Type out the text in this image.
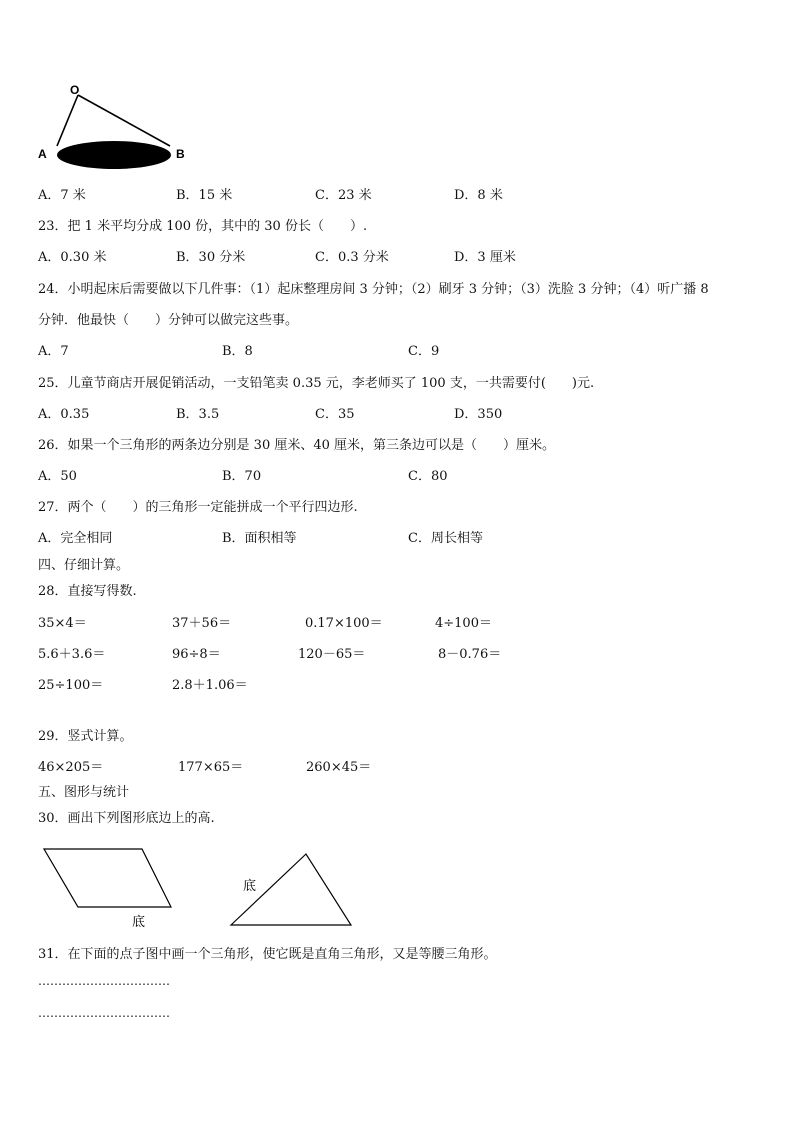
O
A	B
A．7 米	B．15 米	C．23 米	D．8 米
23．把 1 米平均分成 100 份，其中的 30 份长（　　）.
A．0.30 米	B．30 分米	C．0.3 分米	D．3 厘米
24．小明起床后需要做以下几件事：（1）起床整理房间 3 分钟；（2）刷牙 3 分钟；（3）洗脸 3 分钟；（4）听广播 8
分钟．他最快（　　）分钟可以做完这些事。
A．7	B．8	C．9
25．儿童节商店开展促销活动，一支铅笔卖 0.35 元，李老师买了 100 支，一共需要付(　　)元.
A．0.35	B．3.5	C．35	D．350
26．如果一个三角形的两条边分别是 30 厘米、40 厘米，第三条边可以是（　　）厘米。
A．50	B．70	C．80
27．两个（　　）的三角形一定能拼成一个平行四边形.
A．完全相同	B．面积相等	C．周长相等
四、仔细计算。
28．直接写得数.
35×4＝	37＋56＝	0.17×100＝	4÷100＝
5.6＋3.6＝	96÷8＝	120－65＝	8－0.76＝
25÷100＝	2.8＋1.06＝
29．竖式计算。
46×205＝	177×65＝	260×45＝
五、图形与统计
30．画出下列图形底边上的高.
底
底
31．在下面的点子图中画一个三角形，使它既是直角三角形，又是等腰三角形。
……………………………
……………………………
